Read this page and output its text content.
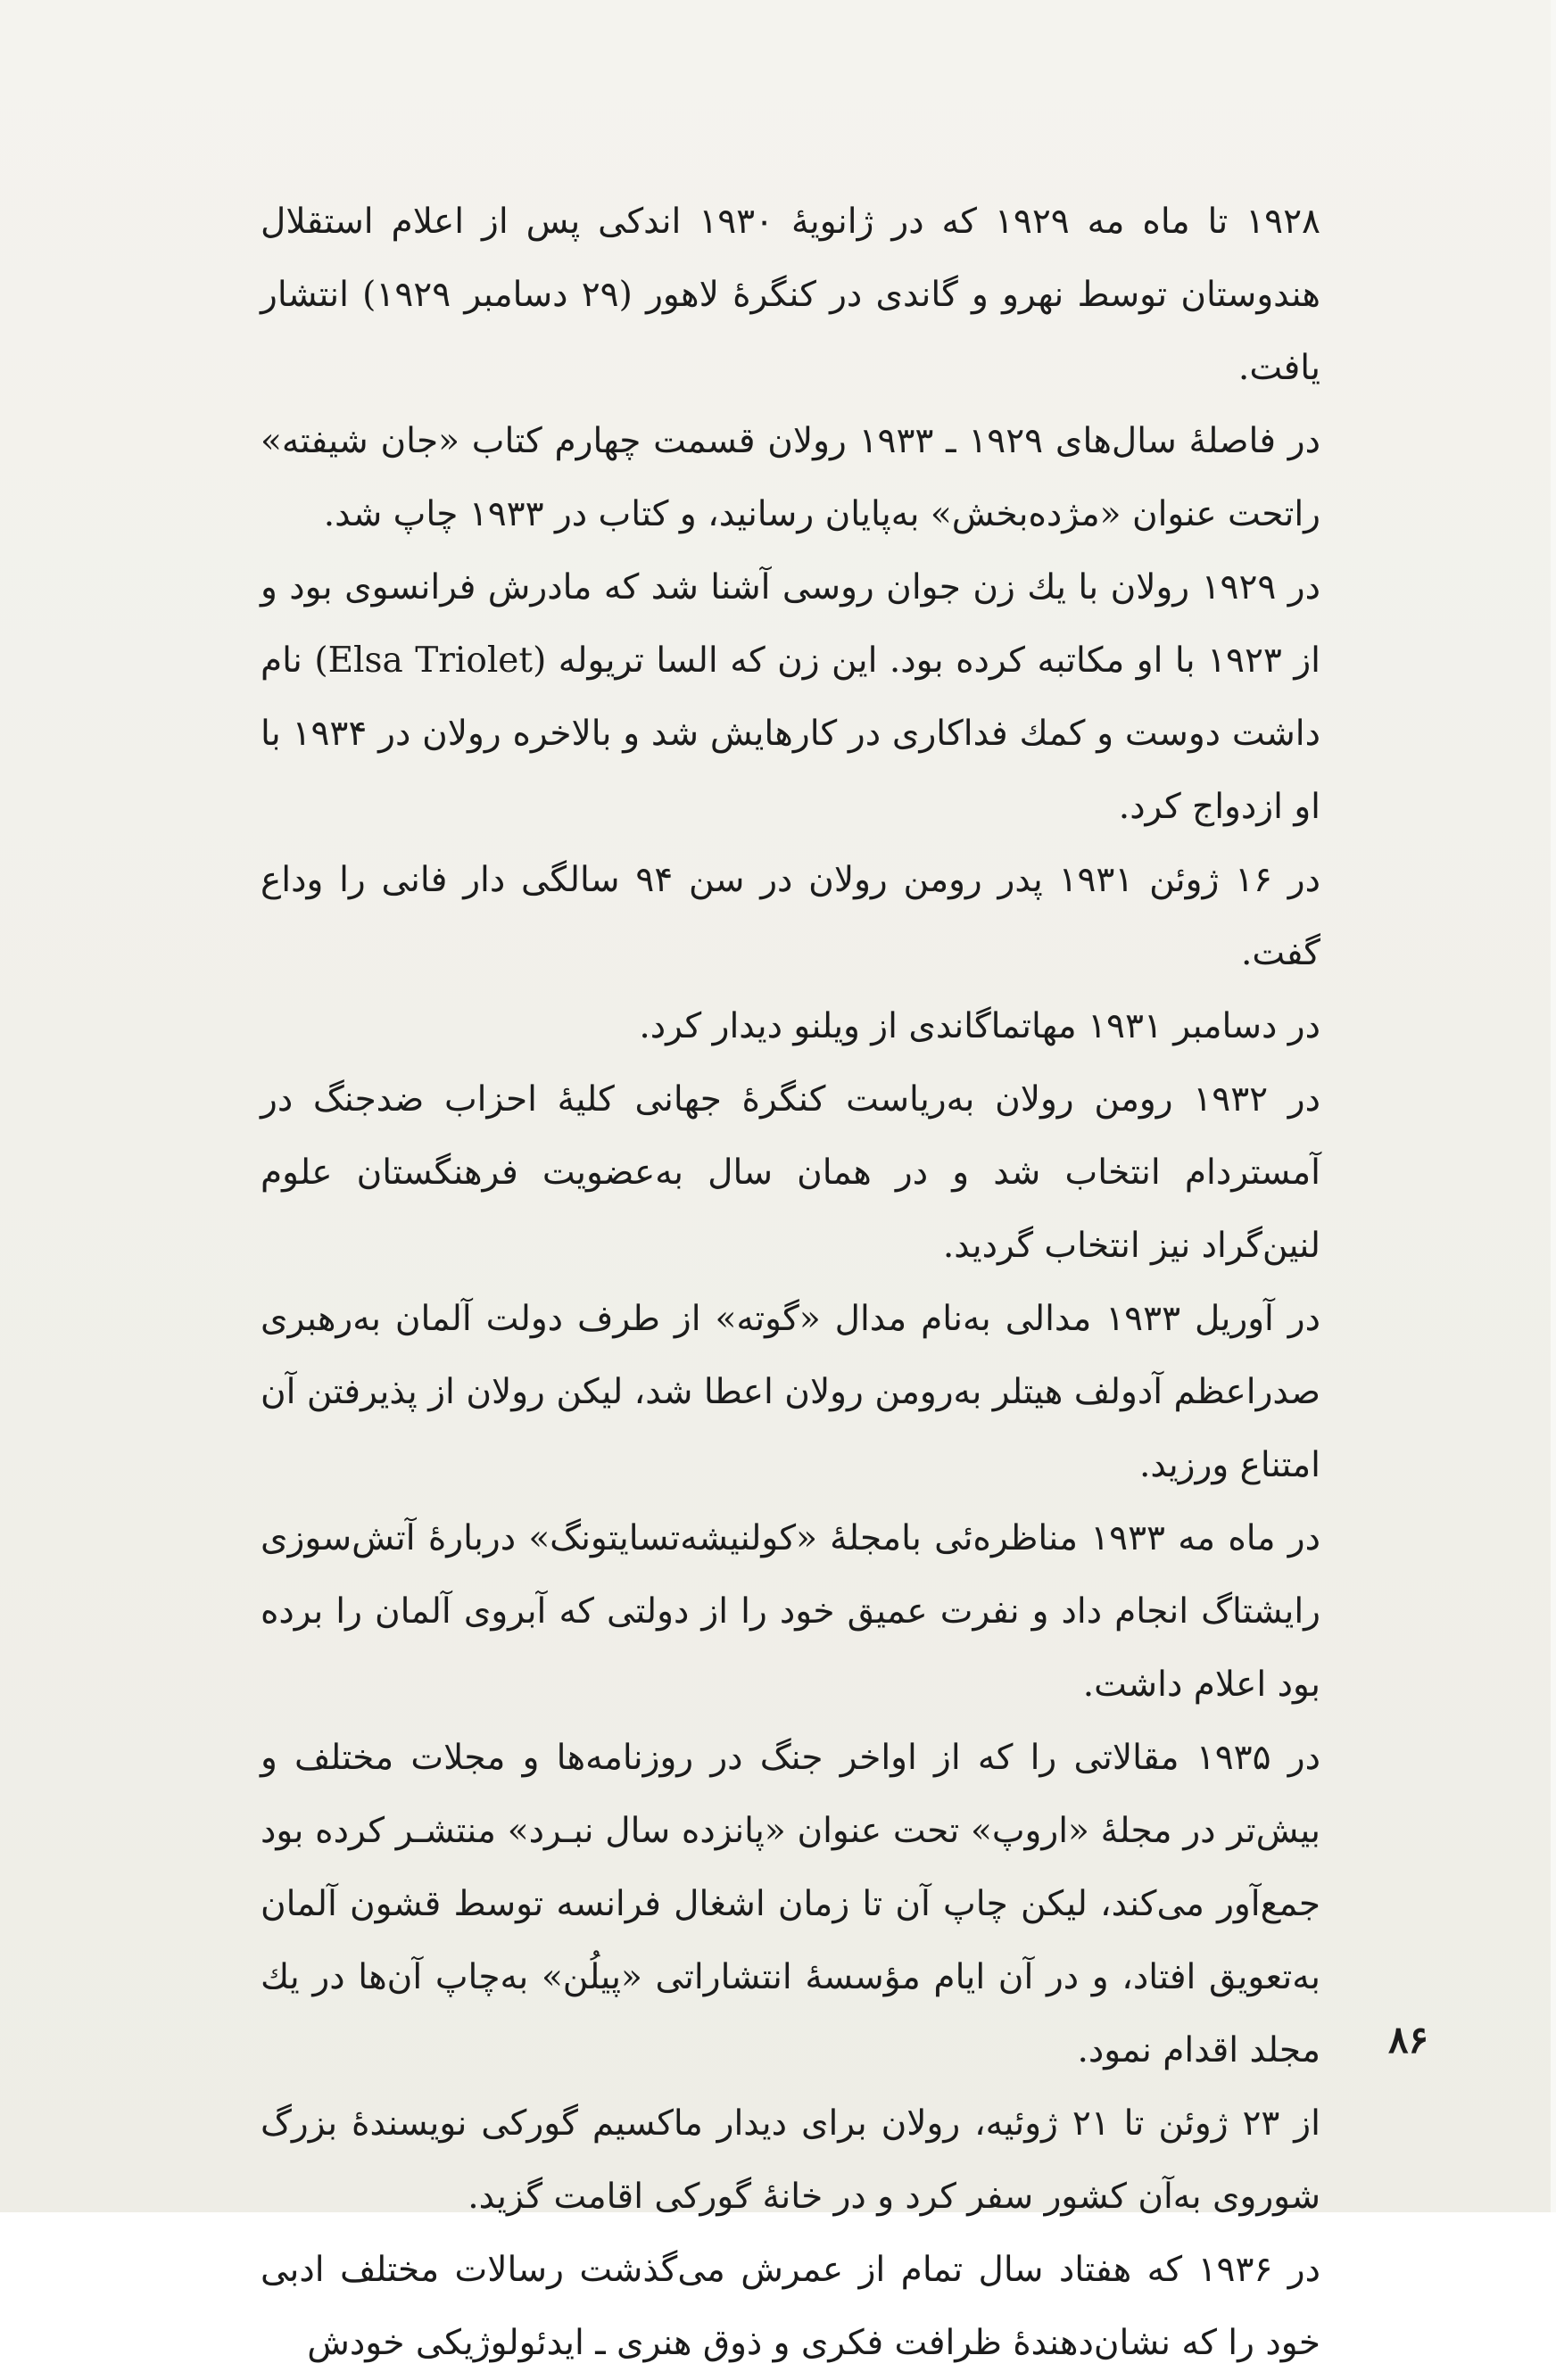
۱۹۲۸ تا ماه مه ۱۹۲۹ که در ژانویهٔ ۱۹۳۰ اندکی پس از اعلام استقلال هندوستان توسط نهرو و گاندی در کنگرهٔ لاهور (۲۹ دسامبر ۱۹۲۹) انتشار یافت.

در فاصلهٔ سال‌های ۱۹۲۹ ـ ۱۹۳۳ رولان قسمت چهارم کتاب «جان شیفته» راتحت عنوان «مژده‌بخش» به‌پایان رسانید، و کتاب در ۱۹۳۳ چاپ شد.

در ۱۹۲۹ رولان با یك زن جوان روسی آشنا شد که مادرش فرانسوی بود و از ۱۹۲۳ با او مکاتبه کرده بود. این زن که السا تریوله (Elsa Triolet) نام داشت دوست و کمك فداکاری در کارهایش شد و بالاخره رولان در ۱۹۳۴ با او ازدواج کرد.

در ۱۶ ژوئن ۱۹۳۱ پدر رومن رولان در سن ۹۴ سالگی دار فانی را وداع گفت.

در دسامبر ۱۹۳۱ مهاتماگاندی از ویلنو دیدار کرد.

در ۱۹۳۲ رومن رولان به‌ریاست کنگرهٔ جهانی کلیهٔ احزاب ضدجنگ در آمستردام انتخاب شد و در همان سال به‌عضویت فرهنگستان علوم لنین‌گراد نیز انتخاب گردید.

در آوریل ۱۹۳۳ مدالی به‌نام مدال «گوته» از طرف دولت آلمان به‌رهبری صدراعظم آدولف هیتلر به‌رومن رولان اعطا شد، لیکن رولان از پذیرفتن آن امتناع ورزید.

در ماه مه ۱۹۳۳ مناظره‌ئی بامجلهٔ «کولنیشه‌تسایتونگ» دربارهٔ آتش‌سوزی رایشتاگ انجام داد و نفرت عمیق خود را از دولتی که آبروی آلمان را برده بود اعلام داشت.

در ۱۹۳۵ مقالاتی را که از اواخر جنگ در روزنامه‌ها و مجلات مختلف و بیش‌تر در مجلهٔ «اروپ» تحت عنوان «پانزده سال نبـرد» منتشـر کرده بود جمع‌آور می‌کند، لیکن چاپ آن تا زمان اشغال فرانسه توسط قشون آلمان به‌تعویق افتاد، و در آن ایام مؤسسهٔ انتشاراتی «پیلُن» به‌چاپ آن‌ها در یك مجلد اقدام نمود.

از ۲۳ ژوئن تا ۲۱ ژوئیه، رولان برای دیدار ماکسیم گورکی نویسندهٔ بزرگ شوروی به‌آن کشور سفر کرد و در خانهٔ گورکی اقامت گزید.

در ۱۹۳۶ که هفتاد سال تمام از عمرش می‌گذشت رسالات مختلف ادبی خود را که نشان‌دهندهٔ ظرافت فکری و ذوق هنری ـ ایدئولوژیکی خودش

۸۶
